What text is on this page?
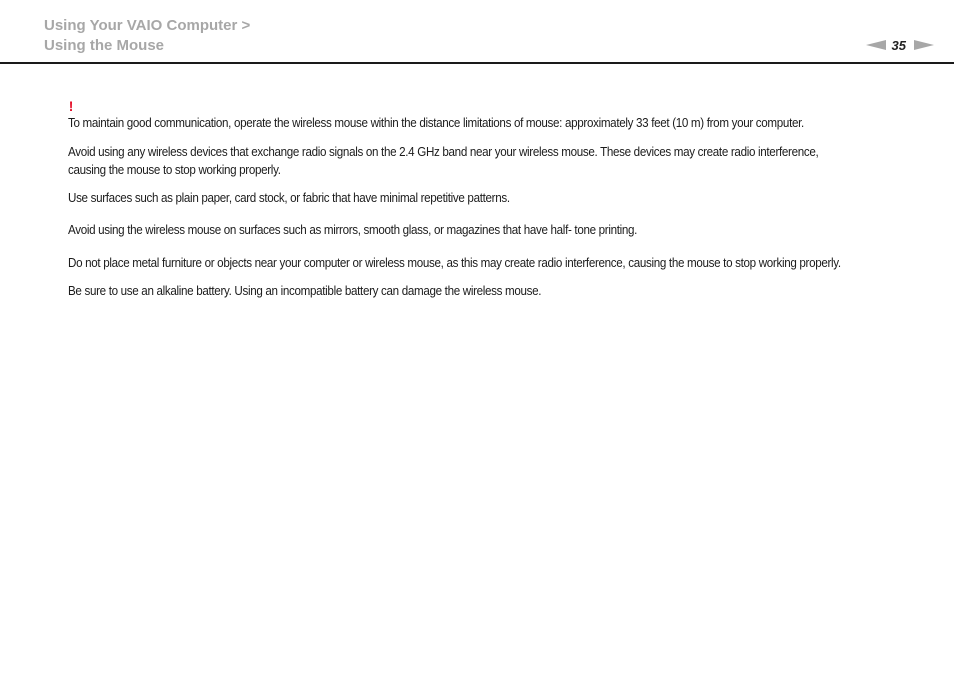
Using Your VAIO Computer >
Using the Mouse	35
!

To maintain good communication, operate the wireless mouse within the distance limitations of mouse: approximately 33 feet (10 m) from your computer.

Avoid using any wireless devices that exchange radio signals on the 2.4 GHz band near your wireless mouse. These devices may create radio interference, causing the mouse to stop working properly.

Use surfaces such as plain paper, card stock, or fabric that have minimal repetitive patterns.

Avoid using the wireless mouse on surfaces such as mirrors, smooth glass, or magazines that have half- tone printing.

Do not place metal furniture or objects near your computer or wireless mouse, as this may create radio interference, causing the mouse to stop working properly.

Be sure to use an alkaline battery. Using an incompatible battery can damage the wireless mouse.
